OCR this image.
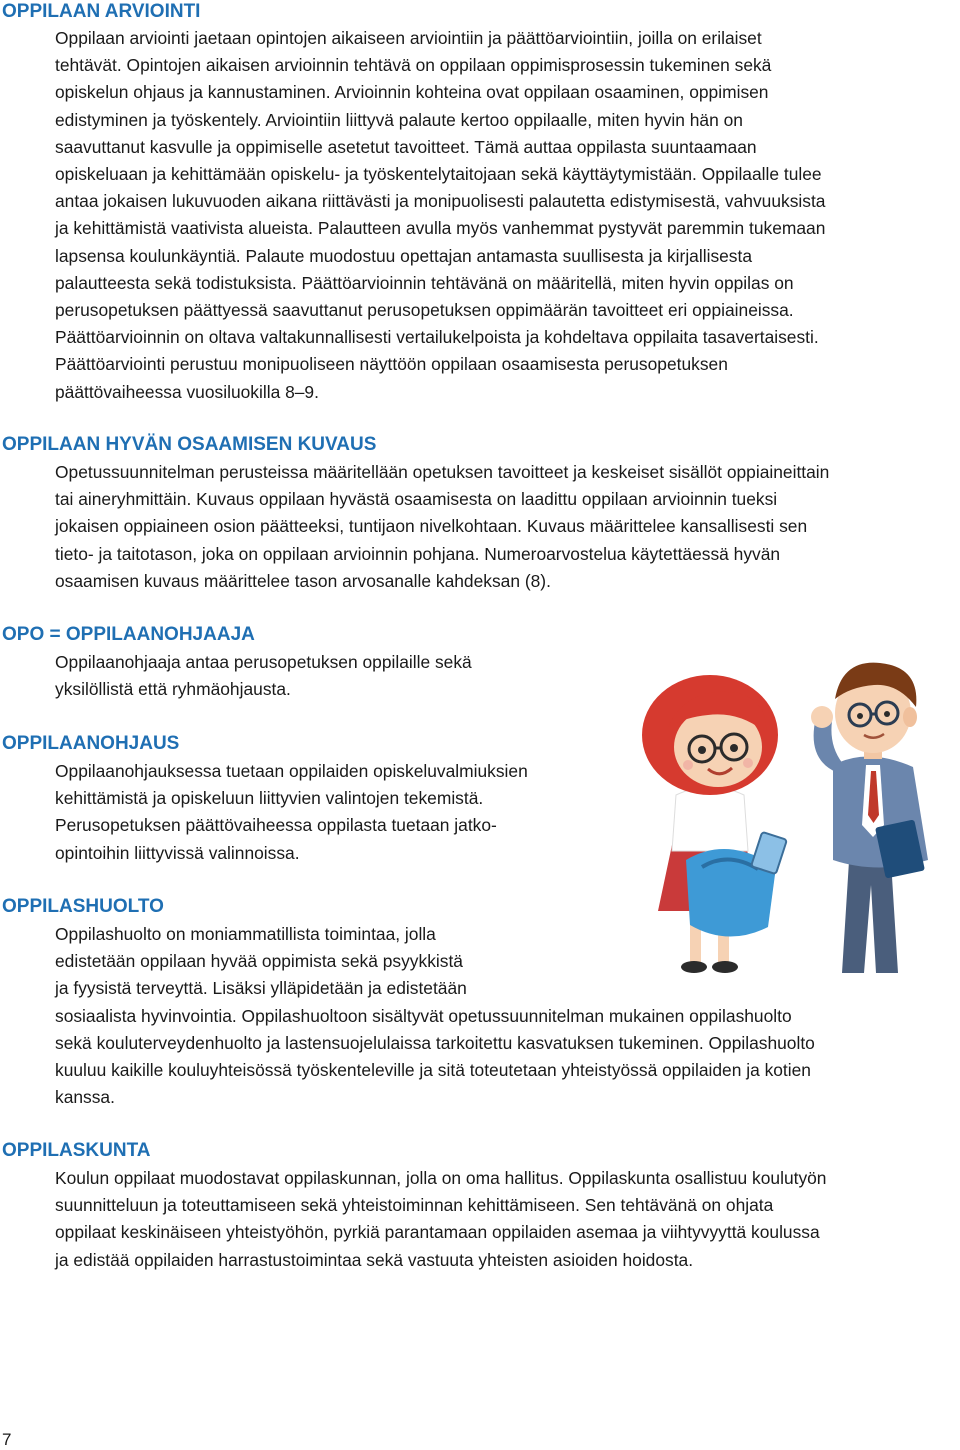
OPPILAAN ARVIOINTI

Oppilaan arviointi jaetaan opintojen aikaiseen arviointiin ja päättöarviointiin, joilla on erilaiset
tehtävät. Opintojen aikaisen arvioinnin tehtävä on oppilaan oppimisprosessin tukeminen sekä
opiskelun ohjaus ja kannustaminen. Arvioinnin kohteina ovat oppilaan osaaminen, oppimisen
edistyminen ja työskentely. Arviointiin liittyvä palaute kertoo oppilaalle, miten hyvin hän on
saavuttanut kasvulle ja oppimiselle asetetut tavoitteet. Tämä auttaa oppilasta suuntaamaan
opiskeluaan ja kehittämään opiskelu- ja työskentelytaitojaan sekä käyttäytymistään. Oppilaalle tulee
antaa jokaisen lukuvuoden aikana riittävästi ja monipuolisesti palautetta edistymisestä, vahvuuksista
ja kehittämistä vaativista alueista. Palautteen avulla myös vanhemmat pystyvät paremmin tukemaan
lapsensa koulunkäyntiä. Palaute muodostuu opettajan antamasta suullisesta ja kirjallisesta
palautteesta sekä todistuksista. Päättöarvioinnin tehtävänä on määritellä, miten hyvin oppilas on
perusopetuksen päättyessä saavuttanut perusopetuksen oppimäärän tavoitteet eri oppiaineissa.
Päättöarvioinnin on oltava valtakunnallisesti vertailukelpoista ja kohdeltava oppilaita tasavertaisesti.
Päättöarviointi perustuu monipuoliseen näyttöön oppilaan osaamisesta perusopetuksen
päättövaiheessa vuosiluokilla 8–9.

OPPILAAN HYVÄN OSAAMISEN KUVAUS

Opetussuunnitelman perusteissa määritellään opetuksen tavoitteet ja keskeiset sisällöt oppiaineittain
tai aineryhmittäin. Kuvaus oppilaan hyvästä osaamisesta on laadittu oppilaan arvioinnin tueksi
jokaisen oppiaineen osion päätteeksi, tuntijaon nivelkohtaan. Kuvaus määrittelee kansallisesti sen
tieto- ja taitotason, joka on oppilaan arvioinnin pohjana. Numeroarvostelua käytettäessä hyvän
osaamisen kuvaus määrittelee tason arvosanalle kahdeksan (8).

OPO = OPPILAANOHJAAJA

Oppilaanohjaaja antaa perusopetuksen oppilaille sekä
yksilöllistä että ryhmäohjausta.

OPPILAANOHJAUS

Oppilaanohjauksessa tuetaan oppilaiden opiskeluvalmiuksien
kehittämistä ja opiskeluun liittyvien valintojen tekemistä.
Perusopetuksen päättövaiheessa oppilasta tuetaan jatko-
opintoihin liittyvissä valinnoissa.

OPPILASHUOLTO

Oppilashuolto on moniammatillista toimintaa, jolla
edistetään oppilaan hyvää oppimista sekä psyykkistä
ja fyysistä terveyttä. Lisäksi ylläpidetään ja edistetään
sosiaalista hyvinvointia. Oppilashuoltoon sisältyvät opetussuunnitelman mukainen oppilashuolto
sekä kouluterveydenhuolto ja lastensuojelulaissa tarkoitettu kasvatuksen tukeminen. Oppilashuolto
kuuluu kaikille kouluyhteisössä työskenteleville ja sitä toteutetaan yhteistyössä oppilaiden ja kotien
kanssa.

OPPILASKUNTA

Koulun oppilaat muodostavat oppilaskunnan, jolla on oma hallitus. Oppilaskunta osallistuu koulutyön
suunnitteluun ja toteuttamiseen sekä yhteistoiminnan kehittämiseen. Sen tehtävänä on ohjata
oppilaat keskinäiseen yhteistyöhön, pyrkiä parantamaan oppilaiden asemaa ja viihtyvyyttä koulussa
ja edistää oppilaiden harrastustoimintaa sekä vastuuta yhteisten asioiden hoidosta.

7
